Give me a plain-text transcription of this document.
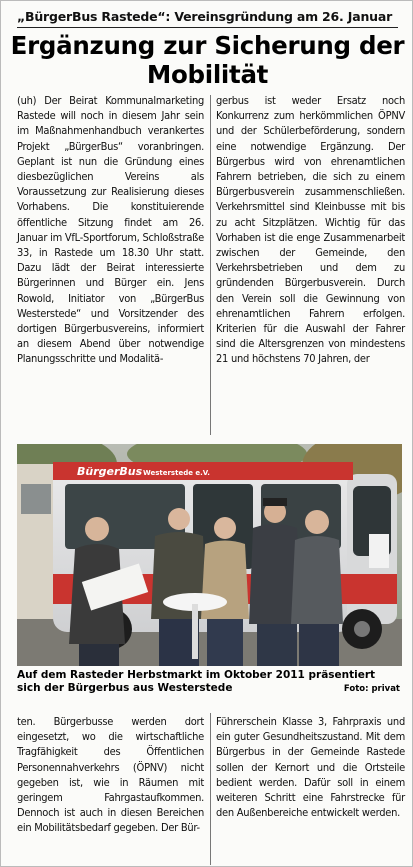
„BürgerBus Rastede“: Vereinsgründung am 26. Januar
Ergänzung zur Sicherung der Mobilität

(uh) Der Beirat Kommunalmarketing Rastede will noch in diesem Jahr sein im Maßnahmenhandbuch verankertes Projekt „BürgerBus“ voranbringen. Geplant ist nun die Gründung eines diesbezüglichen Vereins als Voraussetzung zur Realisierung dieses Vorhabens. Die konstituierende öffentliche Sitzung findet am 26. Januar im VfL-Sportforum, Schloßstraße 33, in Rastede um 18.30 Uhr statt. Dazu lädt der Beirat interessierte Bürgerinnen und Bürger ein. Jens Rowold, Initiator von „BürgerBus Westerstede“ und Vorsitzender des dortigen Bürgerbusvereins, informiert an diesem Abend über notwendige Planungsschritte und Modalitä-

gerbus ist weder Ersatz noch Konkurrenz zum herkömmlichen ÖPNV und der Schülerbeförderung, sondern eine notwendige Ergänzung. Der Bürgerbus wird von ehrenamtlichen Fahrern betrieben, die sich zu einem Bürgerbusverein zusammenschließen. Verkehrsmittel sind Kleinbusse mit bis zu acht Sitzplätzen. Wichtig für das Vorhaben ist die enge Zusammenarbeit zwischen der Gemeinde, den Verkehrsbetrieben und dem zu gründenden Bürgerbusverein. Durch den Verein soll die Gewinnung von ehrenamtlichen Fahrern erfolgen. Kriterien für die Auswahl der Fahrer sind die Altersgrenzen von mindestens 21 und höchstens 70 Jahren, der

BürgerBus Westerstede e.V.
Auf dem Rasteder Herbstmarkt im Oktober 2011 präsentiert sich der Bürgerbus aus Westerstede	Foto: privat

ten. Bürgerbusse werden dort eingesetzt, wo die wirtschaftliche Tragfähigkeit des Öffentlichen Personennahverkehrs (ÖPNV) nicht gegeben ist, wie in Räumen mit geringem Fahrgastaufkommen. Dennoch ist auch in diesen Bereichen ein Mobilitätsbedarf gegeben. Der Bür-

Führerschein Klasse 3, Fahrpraxis und ein guter Gesundheitszustand. Mit dem Bürgerbus in der Gemeinde Rastede sollen der Kernort und die Ortsteile bedient werden. Dafür soll in einem weiteren Schritt eine Fahrstrecke für den Außenbereiche entwickelt werden.
